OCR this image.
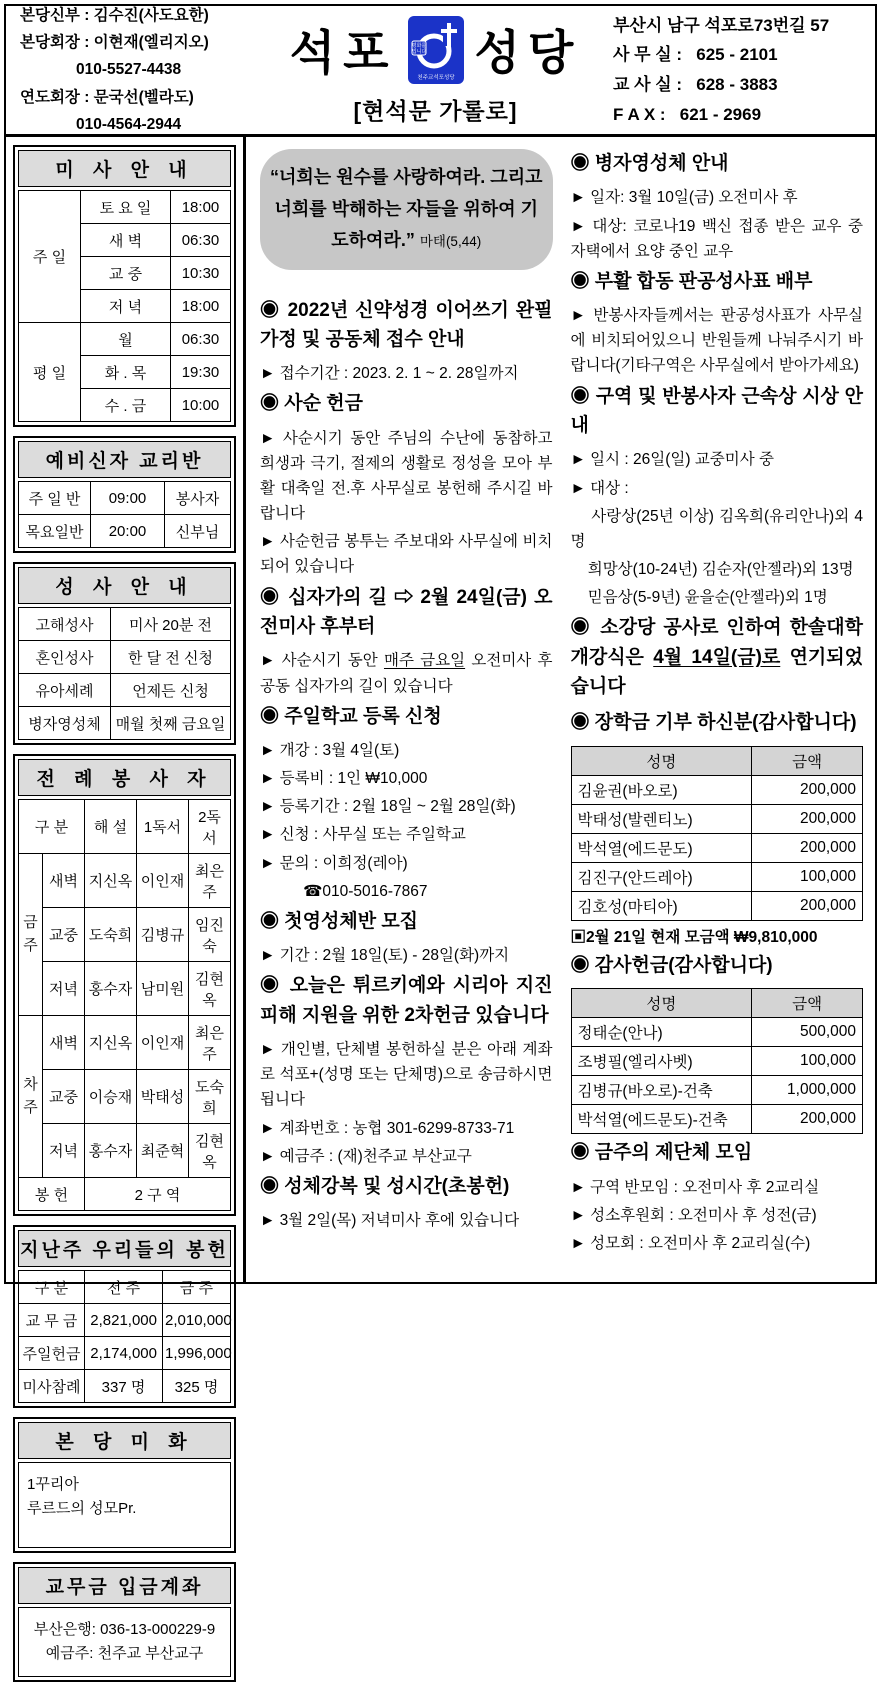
본당신부 : 김수진(사도요한)
본당회장 : 이현재(엘리지오)
010-5527-4438
연도회장 : 문국선(벨라도)
010-4564-2944
석포	평화를
빕니다
천주교석포성당 성당
[현석문 가롤로]
부산시 남구 석포로73번길 57
사 무 실 :   625 - 2101
교 사 실 :   628 - 3883
F A X :   621 - 2969
미 사 안 내
주 일	토 요 일	18:00
	새 벽	06:30
	교 중	10:30
	저 녁	18:00
평 일	월	06:30
	화 . 목	19:30
	수 . 금	10:00
예비신자 교리반
주 일 반	09:00	봉사자
목요일반	20:00	신부님
성 사 안 내
고해성사	미사 20분 전
혼인성사	한 달 전 신청
유아세례	언제든 신청
병자영성체	매월 첫째 금요일
전 례 봉 사 자
구 분		해 설	1독서	2독서
금주	새벽	지신옥	이인재	최은주
	교중	도숙희	김병규	임진숙
	저녁	홍수자	남미원	김현옥
차주	새벽	지신옥	이인재	최은주
	교중	이승재	박태성	도숙희
	저녁	홍수자	최준혁	김현옥
봉 헌		2 구 역		
지난주 우리들의 봉헌
구 분	전 주	금 주
교 무 금	2,821,000	2,010,000
주일헌금	2,174,000	1,996,000
미사참례	337 명	325 명
본 당 미 화
1꾸리아
루르드의 성모Pr.
교무금 입금계좌
부산은행: 036-13-000229-9
예금주: 천주교 부산교구
“너희는 원수를 사랑하여라. 그리고 너희를 박해하는 자들을 위하여 기도하여라.” 마태(5,44)
◉ 2022년 신약성경 이어쓰기 완필 가정 및 공동체 접수 안내

► 접수기간 : 2023. 2. 1 ~ 2. 28일까지

◉ 사순 헌금

► 사순시기 동안 주님의 수난에 동참하고 희생과 극기, 절제의 생활로 정성을 모아 부활 대축일 전.후 사무실로 봉헌해 주시길 바랍니다

► 사순헌금 봉투는 주보대와 사무실에 비치되어 있습니다

◉ 십자가의 길 ⇨ 2월 24일(금) 오전미사 후부터

► 사순시기 동안 매주 금요일 오전미사 후 공동 십자가의 길이 있습니다

◉ 주일학교 등록 신청

► 개강 : 3월 4일(토)

► 등록비 : 1인 ₩10,000

► 등록기간 : 2월 18일 ~ 2월 28일(화)

► 신청 : 사무실 또는 주일학교

► 문의 : 이희정(레아)

☎010-5016-7867

◉ 첫영성체반 모집

► 기간 : 2월 18일(토) - 28일(화)까지

◉ 오늘은 튀르키예와 시리아 지진피해 지원을 위한 2차헌금 있습니다

► 개인별, 단체별 봉헌하실 분은 아래 계좌로 석포+(성명 또는 단체명)으로 송금하시면 됩니다

► 계좌번호 : 농협 301-6299-8733-71

► 예금주 : (재)천주교 부산교구

◉ 성체강복 및 성시간(초봉헌)

► 3월 2일(목) 저녁미사 후에 있습니다

◉ 병자영성체 안내

► 일자: 3월 10일(금) 오전미사 후

► 대상: 코로나19 백신 접종 받은 교우 중 자택에서 요양 중인 교우

◉ 부활 합동 판공성사표 배부

► 반봉사자들께서는 판공성사표가 사무실에 비치되어있으니 반원들께 나눠주시기 바랍니다(기타구역은 사무실에서 받아가세요)

◉ 구역 및 반봉사자 근속상 시상 안내

► 일시 : 26일(일) 교중미사 중

► 대상 :

사랑상(25년 이상) 김옥희(유리안나)외 4명

희망상(10-24년) 김순자(안젤라)외 13명

믿음상(5-9년) 윤을순(안젤라)외 1명

◉ 소강당 공사로 인하여 한솔대학 개강식은 4월 14일(금)로 연기되었습니다
◉ 장학금 기부 하신분(감사합니다)
성명	금액
김윤권(바오로)	200,000
박태성(발렌티노)	200,000
박석열(에드문도)	200,000
김진구(안드레아)	100,000
김호성(마티아)	200,000
▣2월 21일 현재 모금액 ₩9,810,000
◉ 감사헌금(감사합니다)
성명	금액
정태순(안나)	500,000
조병필(엘리사벳)	100,000
김병규(바오로)-건축	1,000,000
박석열(에드문도)-건축	200,000
◉ 금주의 제단체 모임

► 구역 반모임 : 오전미사 후 2교리실

► 성소후원회 : 오전미사 후 성전(금)

► 성모회 : 오전미사 후 2교리실(수)
